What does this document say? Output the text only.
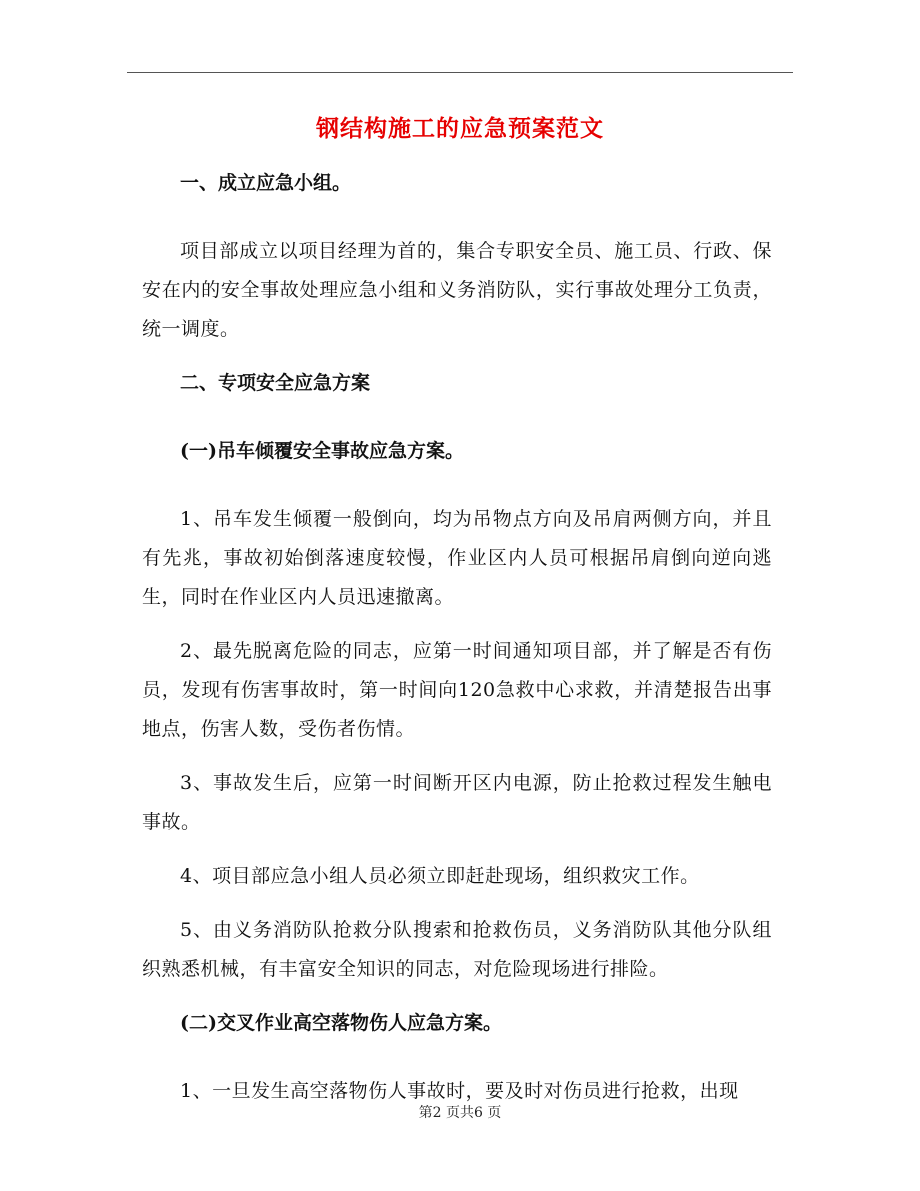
钢结构施工的应急预案范文
一、成立应急小组。
项目部成立以项目经理为首的，集合专职安全员、施工员、行政、保安在内的安全事故处理应急小组和义务消防队，实行事故处理分工负责，统一调度。
二、专项安全应急方案
(一)吊车倾覆安全事故应急方案。
1、吊车发生倾覆一般倒向，均为吊物点方向及吊肩两侧方向，并且有先兆，事故初始倒落速度较慢，作业区内人员可根据吊肩倒向逆向逃生，同时在作业区内人员迅速撤离。
2、最先脱离危险的同志，应第一时间通知项目部，并了解是否有伤员，发现有伤害事故时，第一时间向120急救中心求救，并清楚报告出事地点，伤害人数，受伤者伤情。
3、事故发生后，应第一时间断开区内电源，防止抢救过程发生触电事故。
4、项目部应急小组人员必须立即赶赴现场，组织救灾工作。
5、由义务消防队抢救分队搜索和抢救伤员，义务消防队其他分队组织熟悉机械，有丰富安全知识的同志，对危险现场进行排险。
(二)交叉作业高空落物伤人应急方案。
1、一旦发生高空落物伤人事故时，要及时对伤员进行抢救，出现
第2 页共6 页
